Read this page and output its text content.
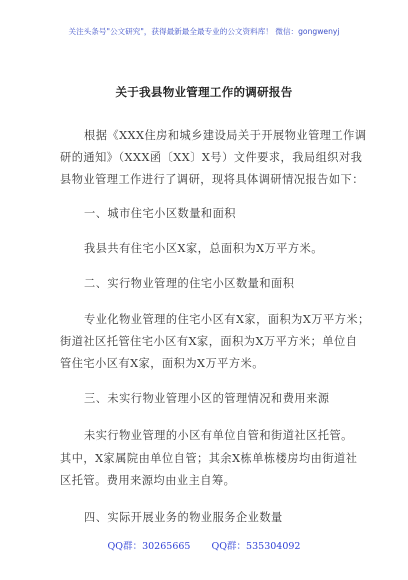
关注头条号"公文研究"，获得最新最全最专业的公文资料库！ 微信：gongwenyj
关于我县物业管理工作的调研报告
根据《XXX住房和城乡建设局关于开展物业管理工作调
研的通知》（XXX函〔XX〕X号）文件要求，我局组织对我
县物业管理工作进行了调研，现将具体调研情况报告如下：
一、城市住宅小区数量和面积
我县共有住宅小区X家，总面积为X万平方米。
二、实行物业管理的住宅小区数量和面积
专业化物业管理的住宅小区有X家，面积为X万平方米；
街道社区托管住宅小区有X家，面积为X万平方米；单位自
管住宅小区有X家，面积为X万平方米。
三、未实行物业管理小区的管理情况和费用来源
未实行物业管理的小区有单位自管和街道社区托管。
其中，X家属院由单位自管；其余X栋单栋楼房均由街道社
区托管。费用来源均由业主自筹。
四、实际开展业务的物业服务企业数量
QQ群：30265665 QQ群：535304092
